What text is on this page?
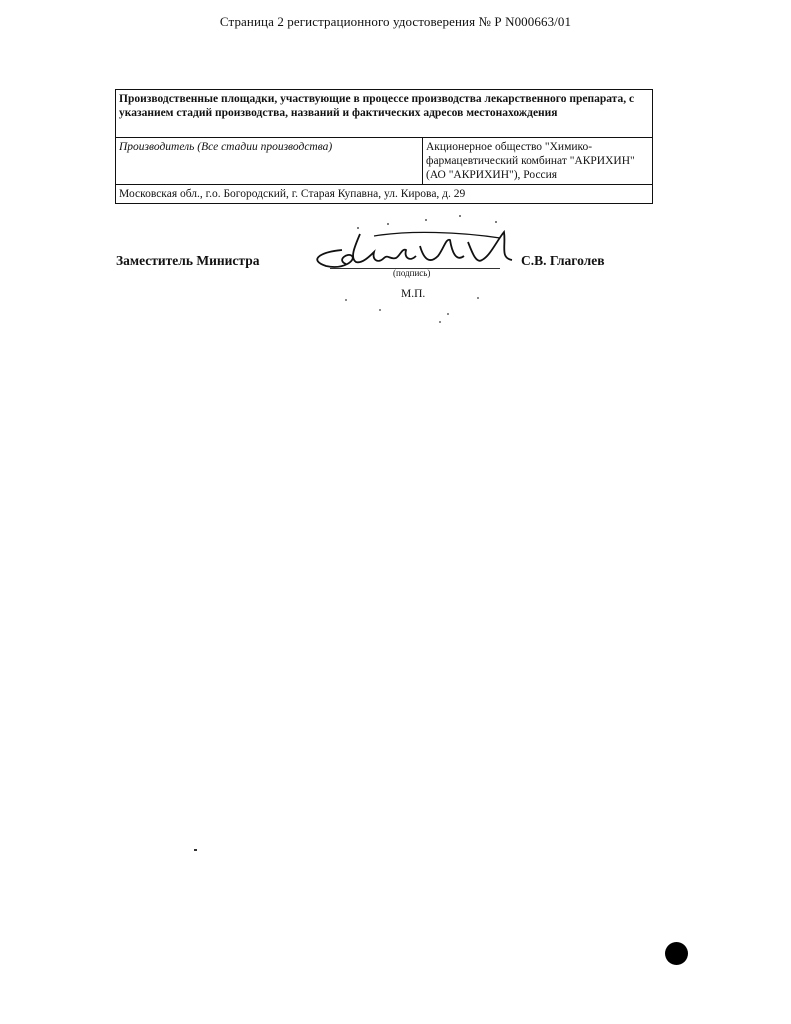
Страница 2 регистрационного удостоверения № Р N000663/01
Производственные площадки, участвующие в процессе производства лекарственного препарата, с указанием стадий производства, названий и фактических адресов местонахождения
Производитель (Все стадии производства)	Акционерное общество "Химико-фармацевтический комбинат "АКРИХИН" (АО "АКРИХИН"), Россия
Московская обл., г.о. Богородский, г. Старая Купавна, ул. Кирова, д. 29
Заместитель Министра
(подпись)
М.П.
С.В. Глаголев
